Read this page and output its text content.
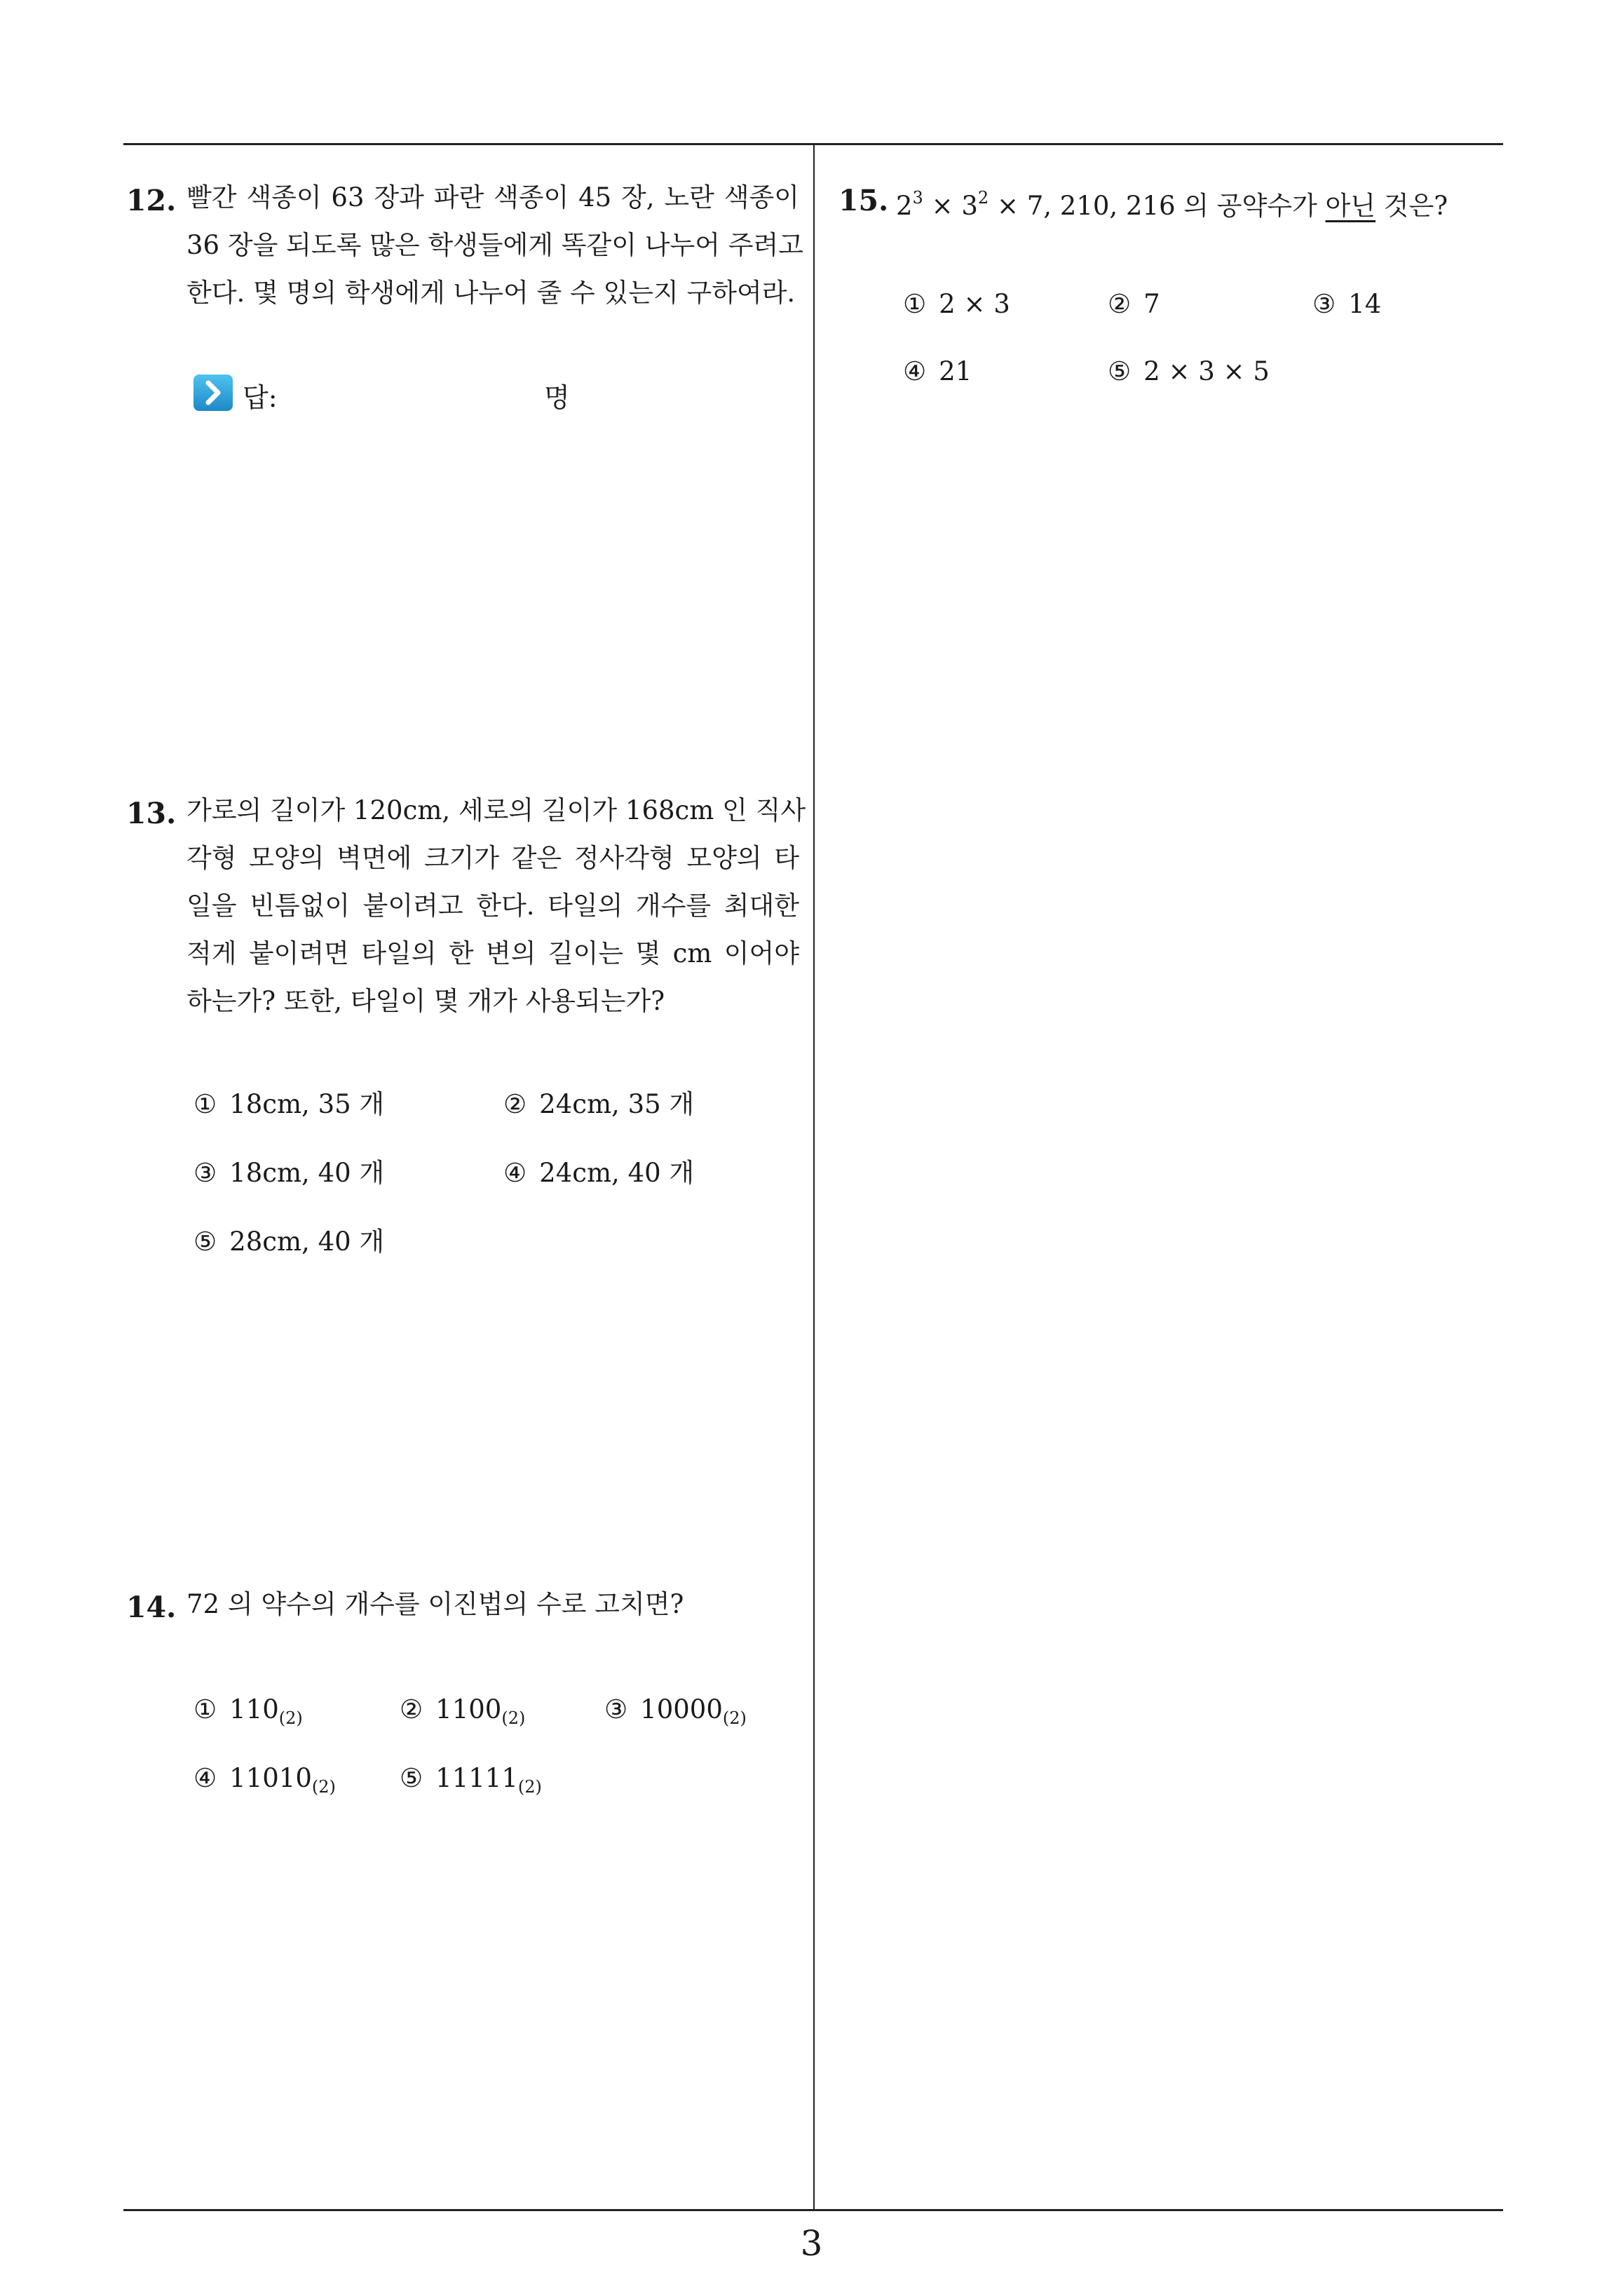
12. 빨간 색종이 63 장과 파란 색종이 45 장, 노란 색종이
36 장을 되도록 많은 학생들에게 똑같이 나누어 주려고
한다. 몇 명의 학생에게 나누어 줄 수 있는지 구하여라.
답:	명
13. 가로의 길이가 120cm, 세로의 길이가 168cm 인 직사
각형 모양의 벽면에 크기가 같은 정사각형 모양의 타
일을 빈틈없이 붙이려고 한다. 타일의 개수를 최대한
적게 붙이려면 타일의 한 변의 길이는 몇 cm 이어야
하는가? 또한, 타일이 몇 개가 사용되는가?
① 18cm, 35 개	② 24cm, 35 개
③ 18cm, 40 개	④ 24cm, 40 개
⑤ 28cm, 40 개
14. 72 의 약수의 개수를 이진법의 수로 고치면?
① $110_{(2)}$	② $1100_{(2)}$	③ $10000_{(2)}$
④ $11010_{(2)}$ ⑤ $11111_{(2)}$
15. $2^3 \times 3^2 \times 7$, 210, 216 의 공약수가 아닌 것은?
① 2 × 3	② 7	③ 14
④ 21	⑤ 2 × 3 × 5
3
